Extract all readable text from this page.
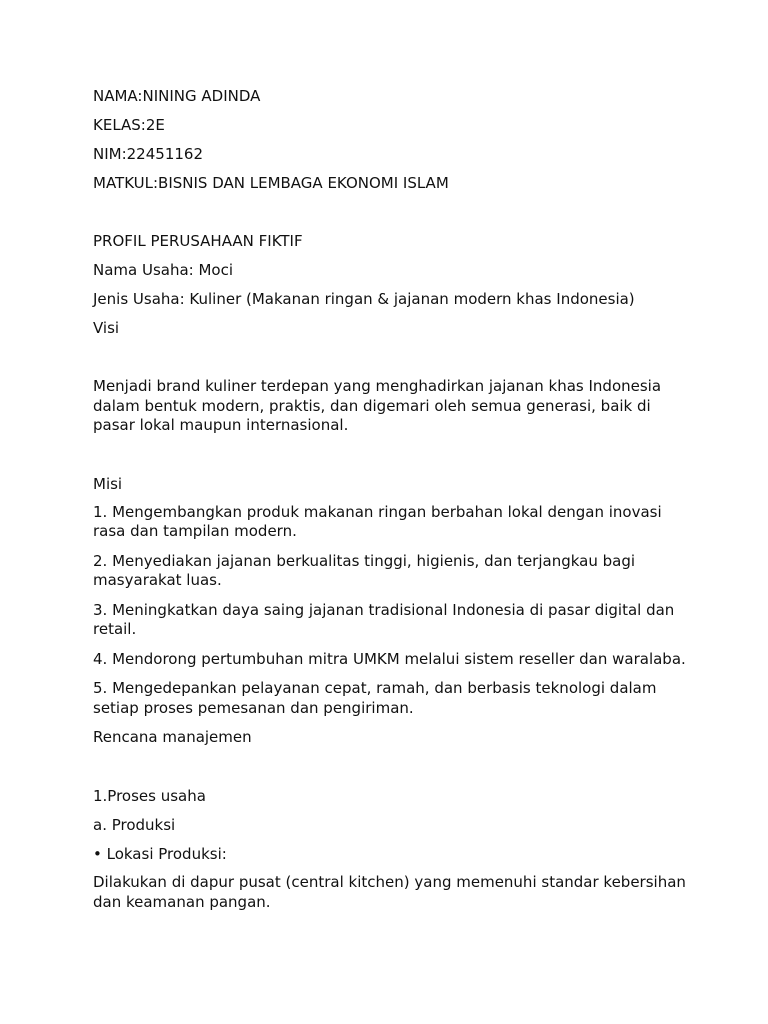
NAMA:NINING ADINDA

KELAS:2E

NIM:22451162

MATKUL:BISNIS DAN LEMBAGA EKONOMI ISLAM

PROFIL PERUSAHAAN FIKTIF

Nama Usaha: Moci

Jenis Usaha: Kuliner (Makanan ringan & jajanan modern khas Indonesia)

Visi

Menjadi brand kuliner terdepan yang menghadirkan jajanan khas Indonesia dalam bentuk modern, praktis, dan digemari oleh semua generasi, baik di pasar lokal maupun internasional.

Misi

1. Mengembangkan produk makanan ringan berbahan lokal dengan inovasi rasa dan tampilan modern.

2. Menyediakan jajanan berkualitas tinggi, higienis, dan terjangkau bagi masyarakat luas.

3. Meningkatkan daya saing jajanan tradisional Indonesia di pasar digital dan retail.

4. Mendorong pertumbuhan mitra UMKM melalui sistem reseller dan waralaba.

5. Mengedepankan pelayanan cepat, ramah, dan berbasis teknologi dalam setiap proses pemesanan dan pengiriman.

Rencana manajemen

1.Proses usaha

a. Produksi

• Lokasi Produksi:

Dilakukan di dapur pusat (central kitchen) yang memenuhi standar kebersihan dan keamanan pangan.
